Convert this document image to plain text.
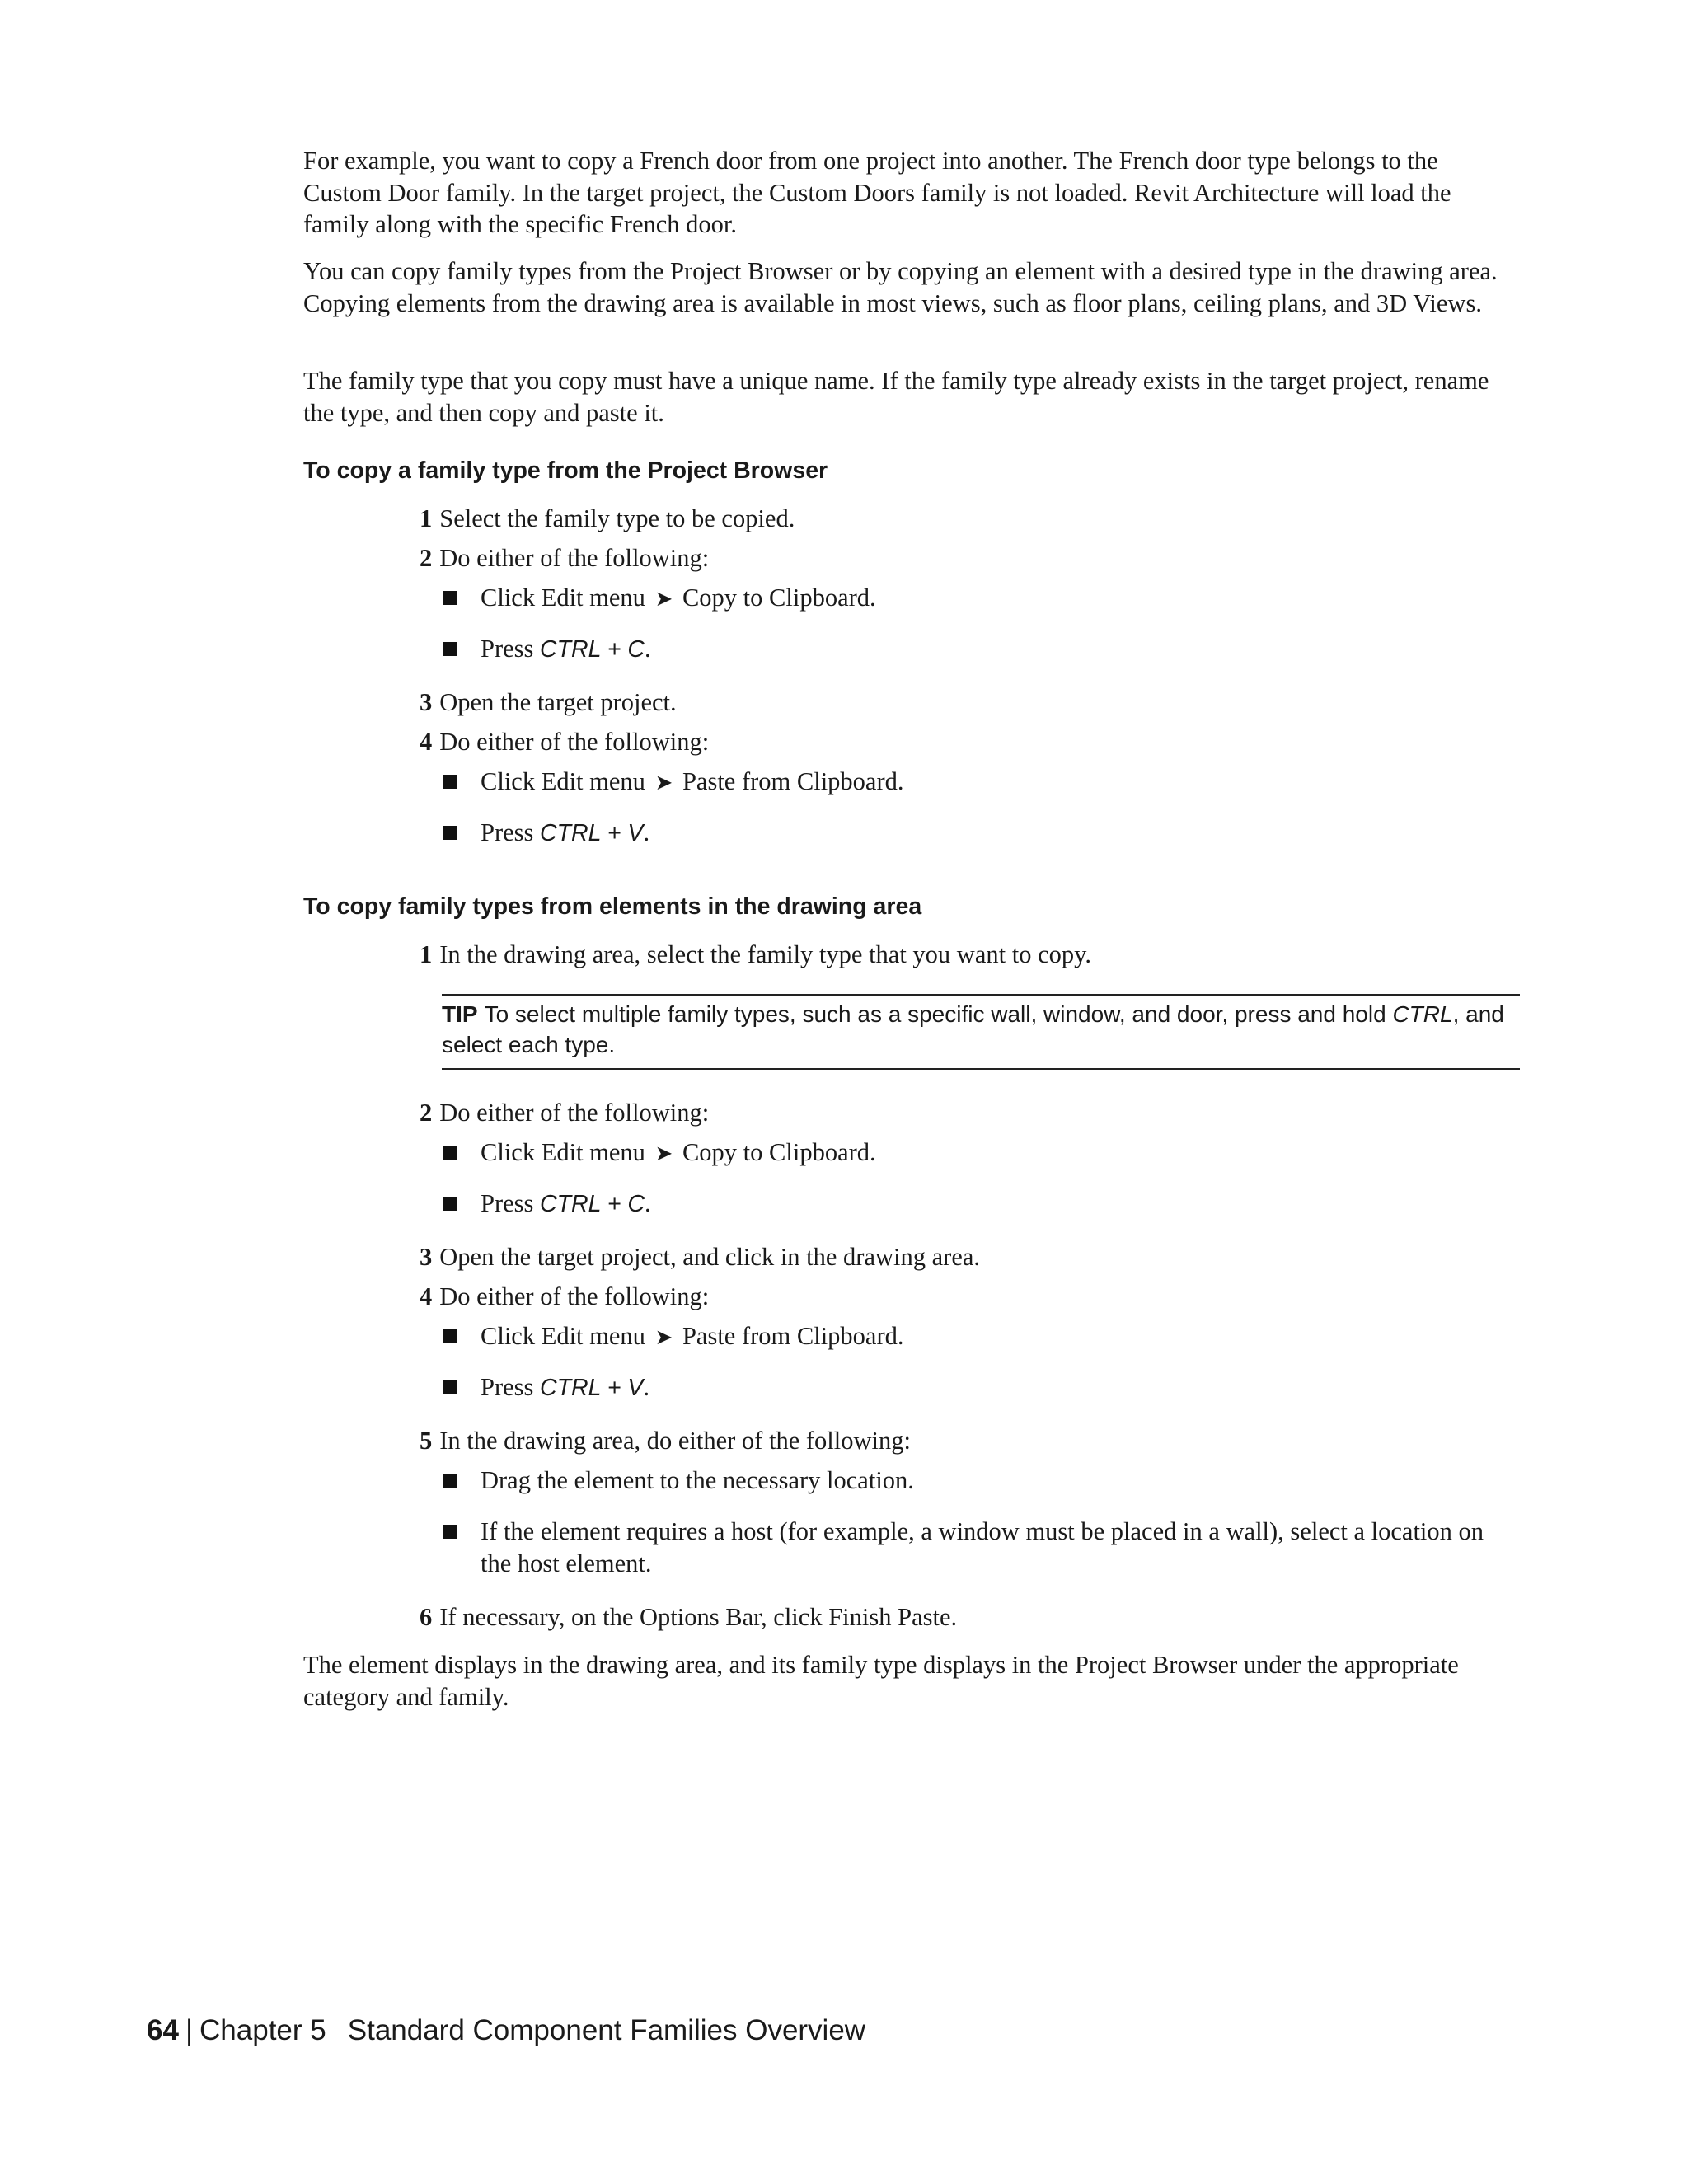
For example, you want to copy a French door from one project into another. The French door type belongs to the Custom Door family. In the target project, the Custom Doors family is not loaded. Revit Architecture will load the family along with the specific French door.

You can copy family types from the Project Browser or by copying an element with a desired type in the drawing area. Copying elements from the drawing area is available in most views, such as floor plans, ceiling plans, and 3D Views.

The family type that you copy must have a unique name. If the family type already exists in the target project, rename the type, and then copy and paste it.

To copy a family type from the Project Browser

1 Select the family type to be copied.
2 Do either of the following:
Click Edit menu ➤ Copy to Clipboard.
Press CTRL + C.
3 Open the target project.
4 Do either of the following:
Click Edit menu ➤ Paste from Clipboard.
Press CTRL + V.

To copy family types from elements in the drawing area

1 In the drawing area, select the family type that you want to copy.
TIP To select multiple family types, such as a specific wall, window, and door, press and hold CTRL, and select each type.
2 Do either of the following:
Click Edit menu ➤ Copy to Clipboard.
Press CTRL + C.
3 Open the target project, and click in the drawing area.
4 Do either of the following:
Click Edit menu ➤ Paste from Clipboard.
Press CTRL + V.
5 In the drawing area, do either of the following:
Drag the element to the necessary location.
If the element requires a host (for example, a window must be placed in a wall), select a location on the host element.
6 If necessary, on the Options Bar, click Finish Paste.

The element displays in the drawing area, and its family type displays in the Project Browser under the appropriate category and family.

64 | Chapter 5 Standard Component Families Overview
